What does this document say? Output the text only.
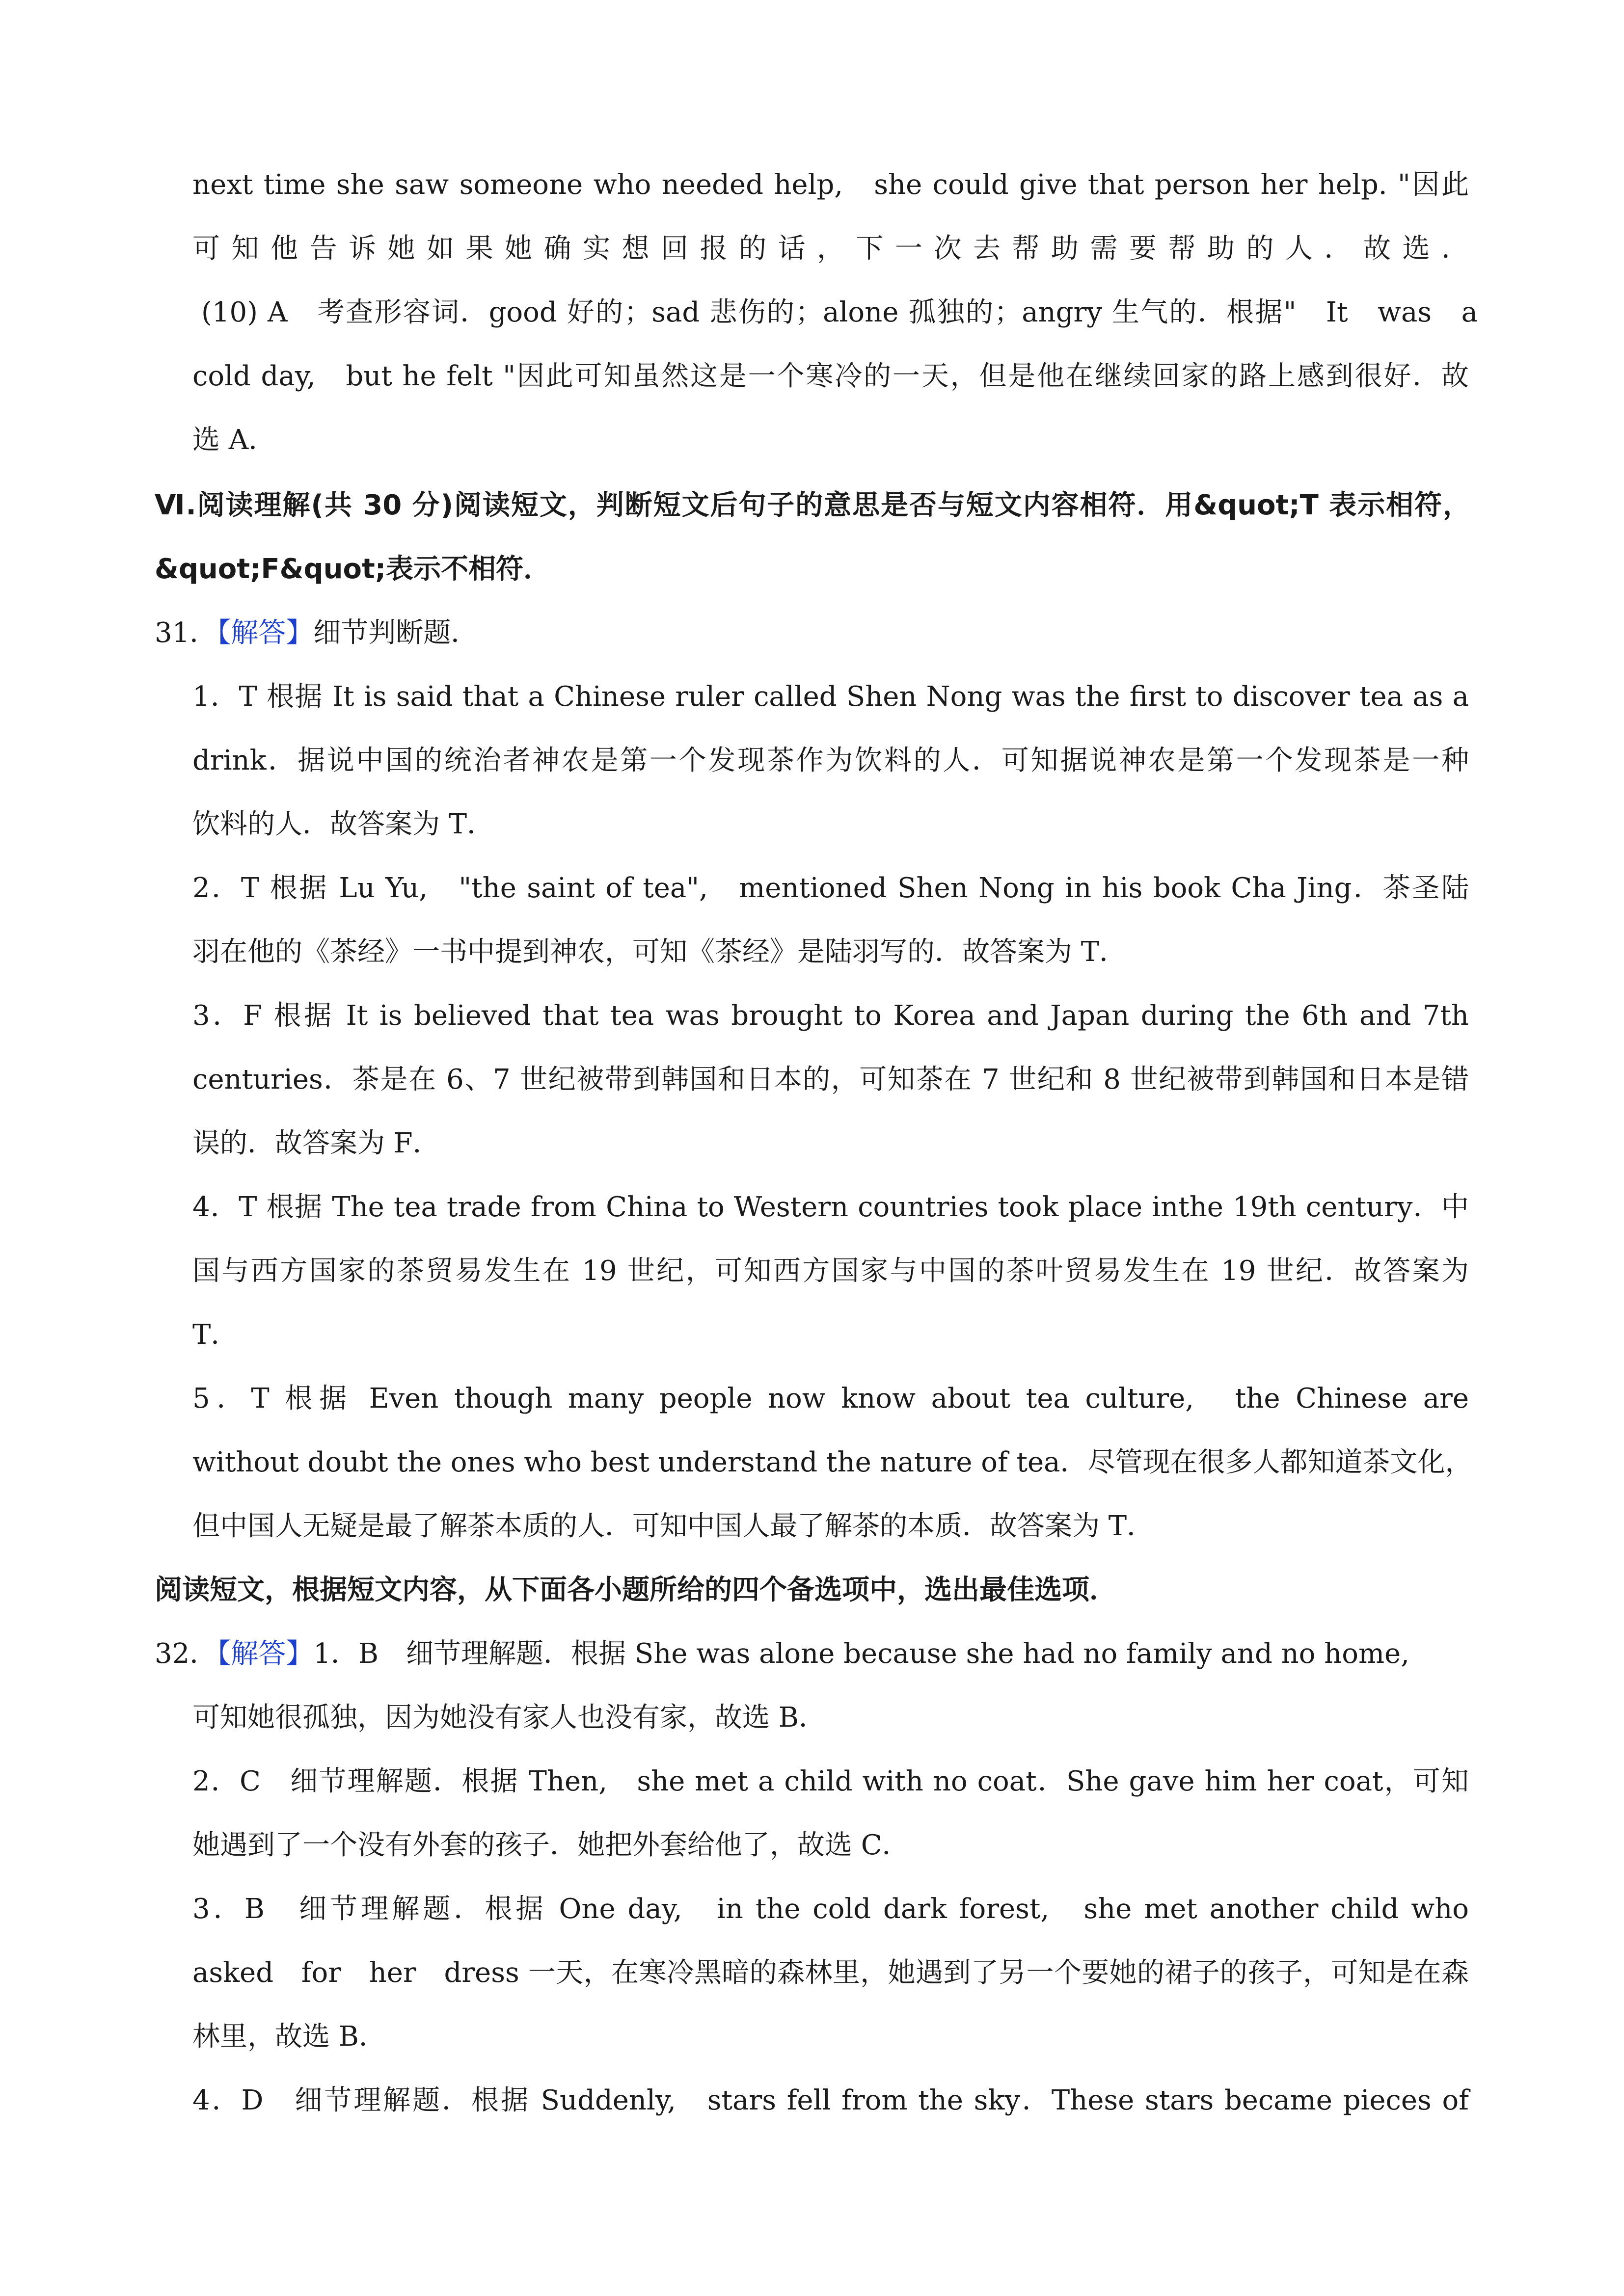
next time she saw someone who needed help,　she could give that person her help. "因此
可知他告诉她如果她确实想回报的话，下一次去帮助需要帮助的人．故选．
(10) A　考查形容词．good 好的；sad 悲伤的；alone 孤独的；angry 生气的．根据"　It　was　a
cold day,　but he felt "因此可知虽然这是一个寒冷的一天，但是他在继续回家的路上感到很好．故
选 A．
Ⅵ.阅读理解(共 30 分)阅读短文，判断短文后句子的意思是否与短文内容相符．用&quot;T 表示相符，
&quot;F&quot;表示不相符．
31．【解答】细节判断题．
1．T 根据 It is said that a Chinese ruler called Shen Nong was the first to discover tea as a
drink．据说中国的统治者神农是第一个发现茶作为饮料的人．可知据说神农是第一个发现茶是一种
饮料的人．故答案为 T．
2．T 根据 Lu Yu,　"the saint of tea",　mentioned Shen Nong in his book Cha Jing．茶圣陆
羽在他的《茶经》一书中提到神农，可知《茶经》是陆羽写的．故答案为 T．
3．F 根据 It is believed that tea was brought to Korea and Japan during the 6th and 7th
centuries．茶是在 6、7 世纪被带到韩国和日本的，可知茶在 7 世纪和 8 世纪被带到韩国和日本是错
误的．故答案为 F．
4．T 根据 The tea trade from China to Western countries took place inthe 19th century．中
国与西方国家的茶贸易发生在 19 世纪，可知西方国家与中国的茶叶贸易发生在 19 世纪．故答案为
T．
5．T 根据 Even though many people now know about tea culture,　the Chinese are
without doubt the ones who best understand the nature of tea．尽管现在很多人都知道茶文化，
但中国人无疑是最了解茶本质的人．可知中国人最了解茶的本质．故答案为 T．
阅读短文，根据短文内容，从下面各小题所给的四个备选项中，选出最佳选项．
32．【解答】1．B　细节理解题．根据 She was alone because she had no family and no home,
可知她很孤独，因为她没有家人也没有家，故选 B．
2．C　细节理解题．根据 Then,　she met a child with no coat．She gave him her coat，可知
她遇到了一个没有外套的孩子．她把外套给他了，故选 C．
3．B　细节理解题．根据 One day,　in the cold dark forest,　she met another child who
asked　for　her　dress 一天，在寒冷黑暗的森林里，她遇到了另一个要她的裙子的孩子，可知是在森
林里，故选 B．
4．D　细节理解题．根据 Suddenly,　stars fell from the sky．These stars became pieces of
